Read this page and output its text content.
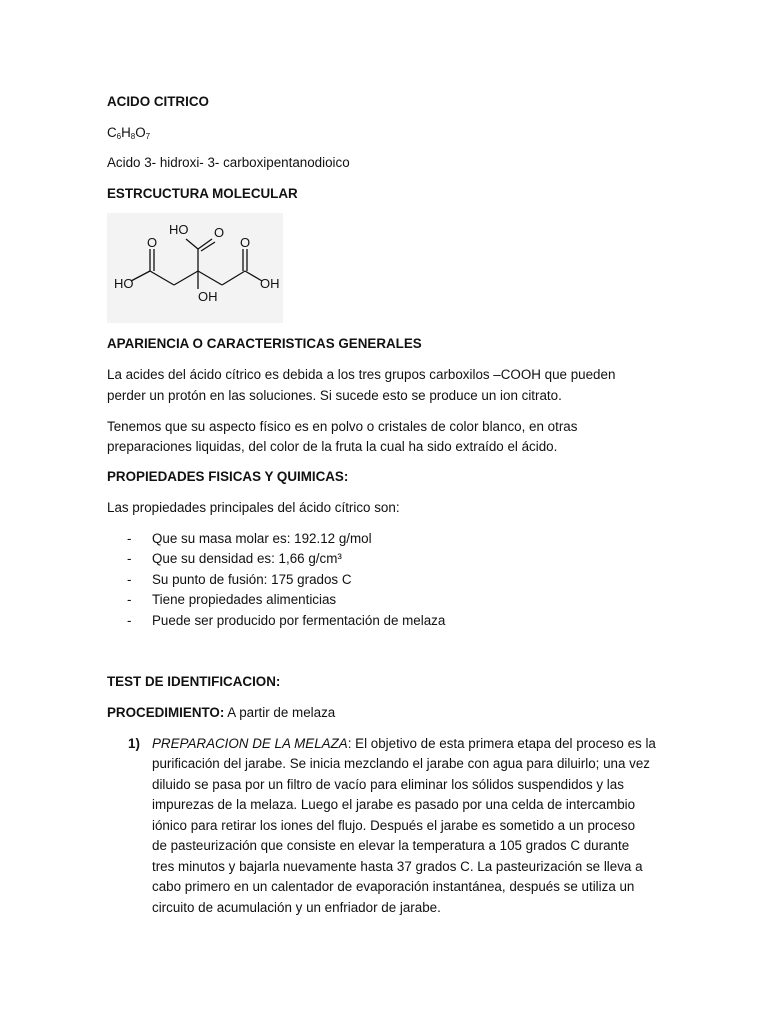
ACIDO CITRICO
$C_6H_8O_7$
Acido 3- hidroxi- 3- carboxipentanodioico
ESTRCUCTURA MOLECULAR
HO O
O	O
HO
OH
OH
APARIENCIA O CARACTERISTICAS GENERALES
La acides del ácido cítrico es debida a los tres grupos carboxilos –COOH que pueden
perder un protón en las soluciones. Si sucede esto se produce un ion citrato.
Tenemos que su aspecto físico es en polvo o cristales de color blanco, en otras
preparaciones liquidas, del color de la fruta la cual ha sido extraído el ácido.
PROPIEDADES FISICAS Y QUIMICAS:
Las propiedades principales del ácido cítrico son:
- Que su masa molar es: 192.12 g/mol
- Que su densidad es: 1,66 g/cm³
- Su punto de fusión: 175 grados C
- Tiene propiedades alimenticias
- Puede ser producido por fermentación de melaza
TEST DE IDENTIFICACION:
PROCEDIMIENTO: A partir de melaza
1) PREPARACION DE LA MELAZA: El objetivo de esta primera etapa del proceso es la
purificación del jarabe. Se inicia mezclando el jarabe con agua para diluirlo; una vez
diluido se pasa por un filtro de vacío para eliminar los sólidos suspendidos y las
impurezas de la melaza. Luego el jarabe es pasado por una celda de intercambio
iónico para retirar los iones del flujo. Después el jarabe es sometido a un proceso
de pasteurización que consiste en elevar la temperatura a 105 grados C durante
tres minutos y bajarla nuevamente hasta 37 grados C. La pasteurización se lleva a
cabo primero en un calentador de evaporación instantánea, después se utiliza un
circuito de acumulación y un enfriador de jarabe.
